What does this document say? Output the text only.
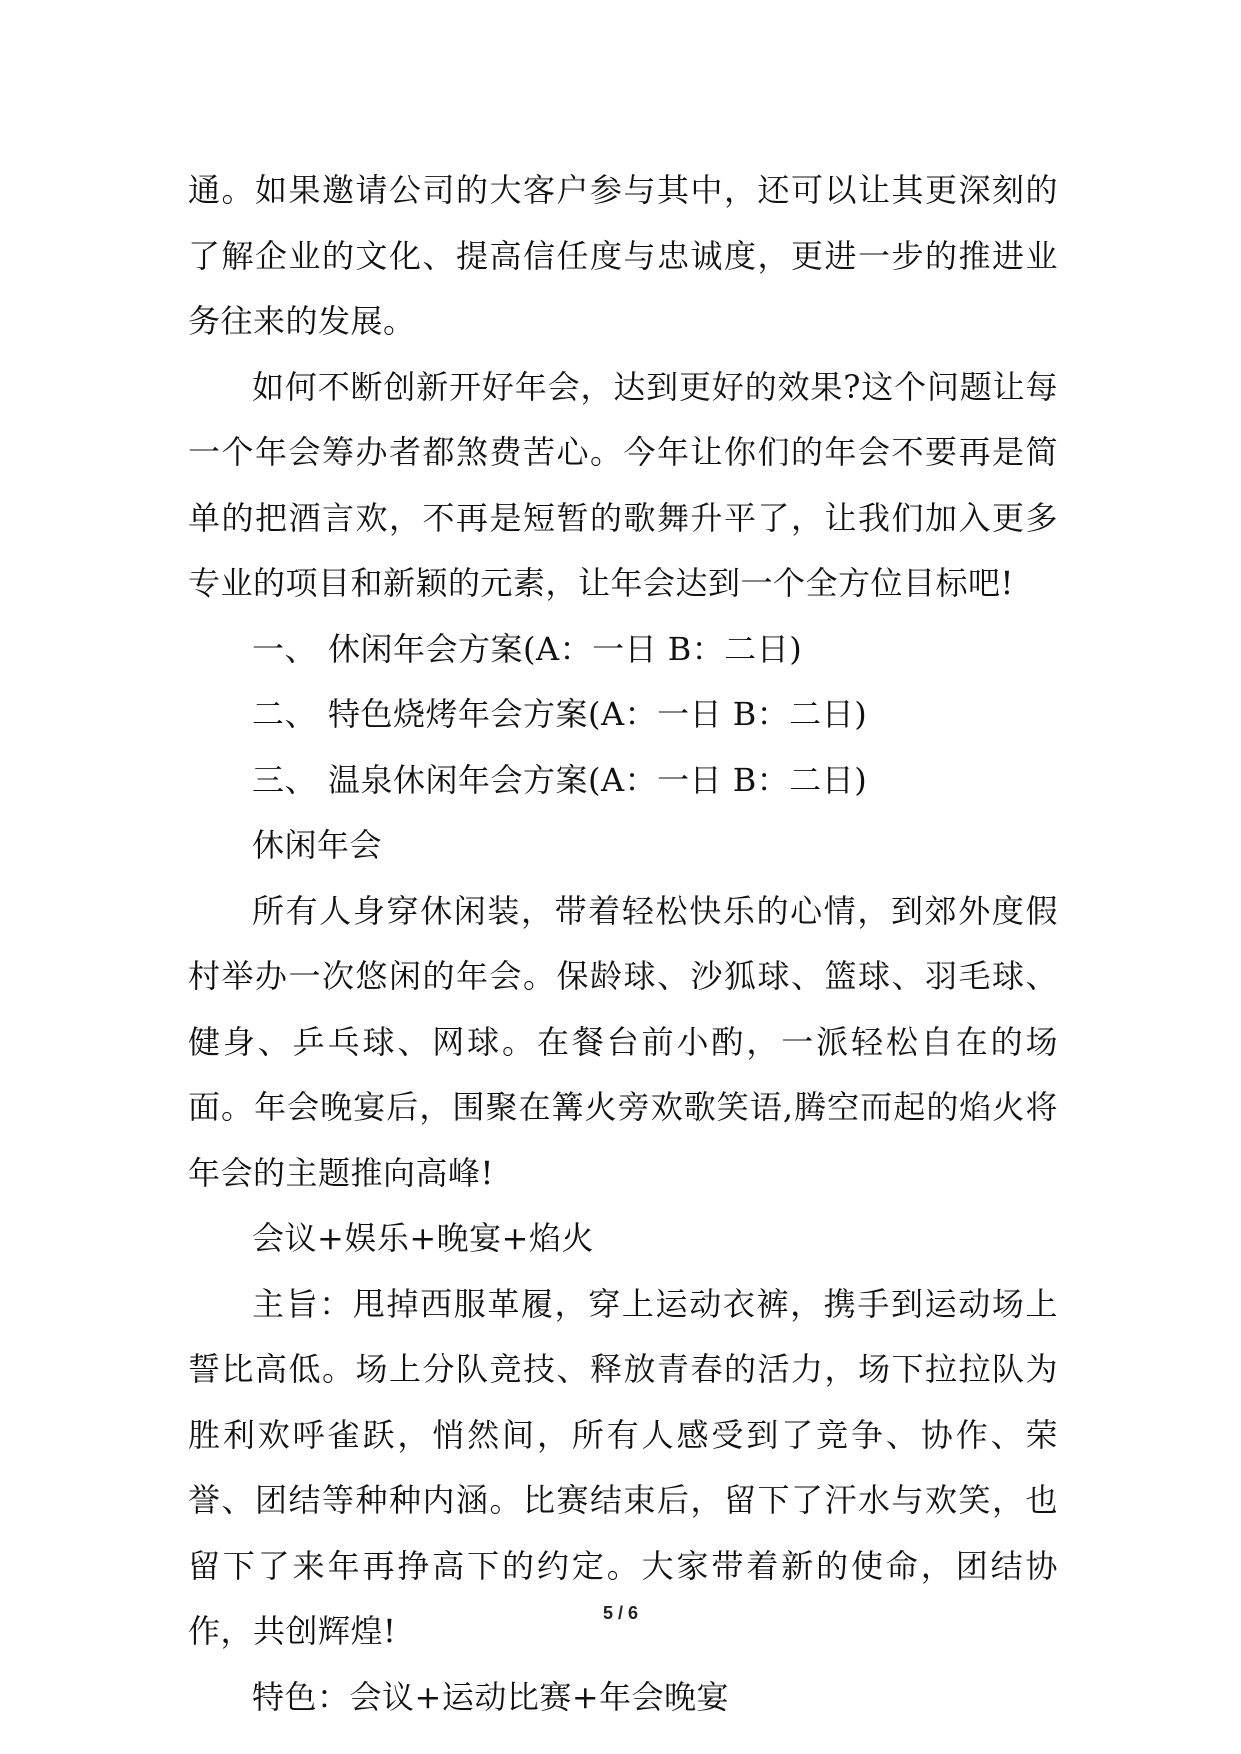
通。如果邀请公司的大客户参与其中，还可以让其更深刻的了解企业的文化、提高信任度与忠诚度，更进一步的推进业务往来的发展。

如何不断创新开好年会，达到更好的效果?这个问题让每一个年会筹办者都煞费苦心。今年让你们的年会不要再是简单的把酒言欢，不再是短暂的歌舞升平了，让我们加入更多专业的项目和新颖的元素，让年会达到一个全方位目标吧!

一、 休闲年会方案(A：一日 B：二日)
二、 特色烧烤年会方案(A：一日 B：二日)
三、 温泉休闲年会方案(A：一日 B：二日)

休闲年会

所有人身穿休闲装，带着轻松快乐的心情，到郊外度假村举办一次悠闲的年会。保龄球、沙狐球、篮球、羽毛球、健身、乒乓球、网球。在餐台前小酌，一派轻松自在的场面。年会晚宴后，围聚在篝火旁欢歌笑语,腾空而起的焰火将年会的主题推向高峰!

会议+娱乐+晚宴+焰火

主旨：甩掉西服革履，穿上运动衣裤，携手到运动场上誓比高低。场上分队竞技、释放青春的活力，场下拉拉队为胜利欢呼雀跃，悄然间，所有人感受到了竞争、协作、荣誉、团结等种种内涵。比赛结束后，留下了汗水与欢笑，也留下了来年再挣高下的约定。大家带着新的使命，团结协作，共创辉煌!

特色：会议+运动比赛+年会晚宴

5 / 6
